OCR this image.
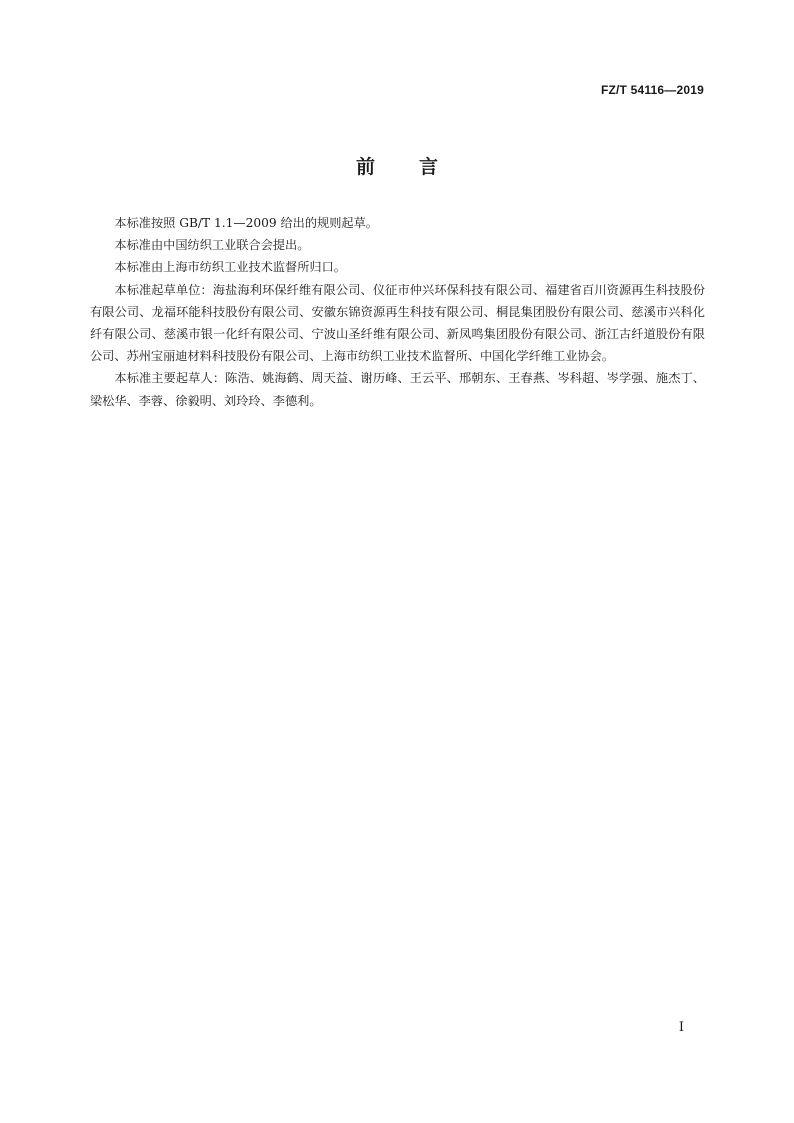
FZ/T 54116—2019
前言

本标准按照 GB/T 1.1—2009 给出的规则起草。

本标准由中国纺织工业联合会提出。

本标准由上海市纺织工业技术监督所归口。

本标准起草单位：海盐海利环保纤维有限公司、仪征市仲兴环保科技有限公司、福建省百川资源再生科技股份有限公司、龙福环能科技股份有限公司、安徽东锦资源再生科技有限公司、桐昆集团股份有限公司、慈溪市兴科化纤有限公司、慈溪市银一化纤有限公司、宁波山圣纤维有限公司、新凤鸣集团股份有限公司、浙江古纤道股份有限公司、苏州宝丽迪材料科技股份有限公司、上海市纺织工业技术监督所、中国化学纤维工业协会。

本标准主要起草人：陈浩、姚海鹤、周天益、谢历峰、王云平、邢朝东、王春燕、岑科超、岑学强、施杰丁、梁松华、李蓉、徐毅明、刘玲玲、李德利。

I
